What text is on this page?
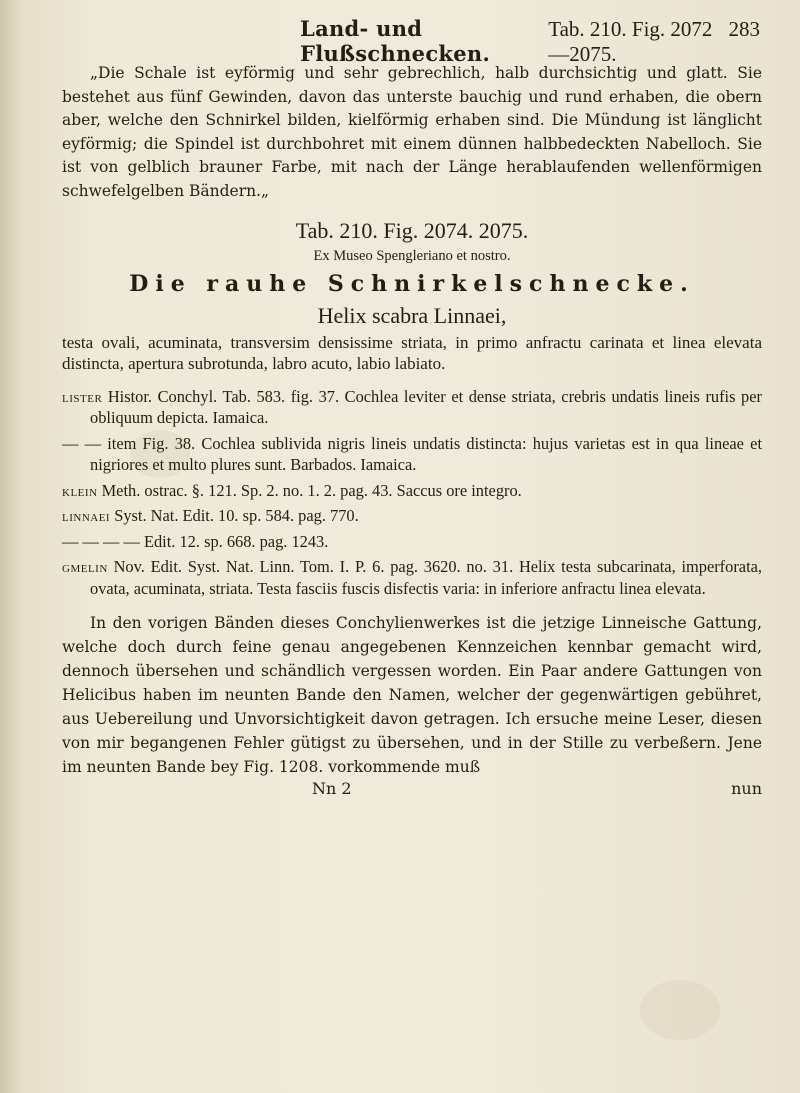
Land- und Flußschnecken.
Tab. 210. Fig. 2072—2075.
283

„Die Schale ist eyförmig und sehr gebrechlich, halb durchsichtig und glatt. Sie bestehet aus fünf Gewinden, davon das unterste bauchig und rund erhaben, die obern aber, welche den Schnirkel bilden, kielförmig erhaben sind. Die Mündung ist länglicht eyförmig; die Spindel ist durchbohret mit einem dünnen halbbedeckten Nabelloch. Sie ist von gelblich brauner Farbe, mit nach der Länge herablaufenden wellenförmigen schwefelgelben Bändern.„

Tab. 210. Fig. 2074. 2075.
Ex Museo Spengleriano et nostro.
Die rauhe Schnirkelschnecke.
Helix scabra Linnaei,
testa ovali, acuminata, transversim densissime striata, in primo anfractu carinata et linea elevata distincta, apertura subrotunda, labro acuto, labio labiato.

lister Histor. Conchyl. Tab. 583. fig. 37. Cochlea leviter et dense striata, crebris undatis lineis rufis per obliquum depicta. Iamaica.

— — item Fig. 38. Cochlea sublivida nigris lineis undatis distincta: hujus varietas est in qua lineae et nigriores et multo plures sunt. Barbados. Iamaica.

klein Meth. ostrac. §. 121. Sp. 2. no. 1. 2. pag. 43. Saccus ore integro.

linnaei Syst. Nat. Edit. 10. sp. 584. pag. 770.

— — — — Edit. 12. sp. 668. pag. 1243.

gmelin Nov. Edit. Syst. Nat. Linn. Tom. I. P. 6. pag. 3620. no. 31. Helix testa subcarinata, imperforata, ovata, acuminata, striata. Testa fasciis fuscis disfectis varia: in inferiore anfractu linea elevata.

In den vorigen Bänden dieses Conchylienwerkes ist die jetzige Linneische Gattung, welche doch durch feine genau angegebenen Kennzeichen kennbar gemacht wird, dennoch übersehen und schändlich vergessen worden. Ein Paar andere Gattungen von Helicibus haben im neunten Bande den Namen, welcher der gegenwärtigen gebühret, aus Uebereilung und Unvorsichtigkeit davon getragen. Ich ersuche meine Leser, diesen von mir begangenen Fehler gütigst zu übersehen, und in der Stille zu verbeßern. Jene im neunten Bande bey Fig. 1208. vorkommende muß

Nn 2	nun
